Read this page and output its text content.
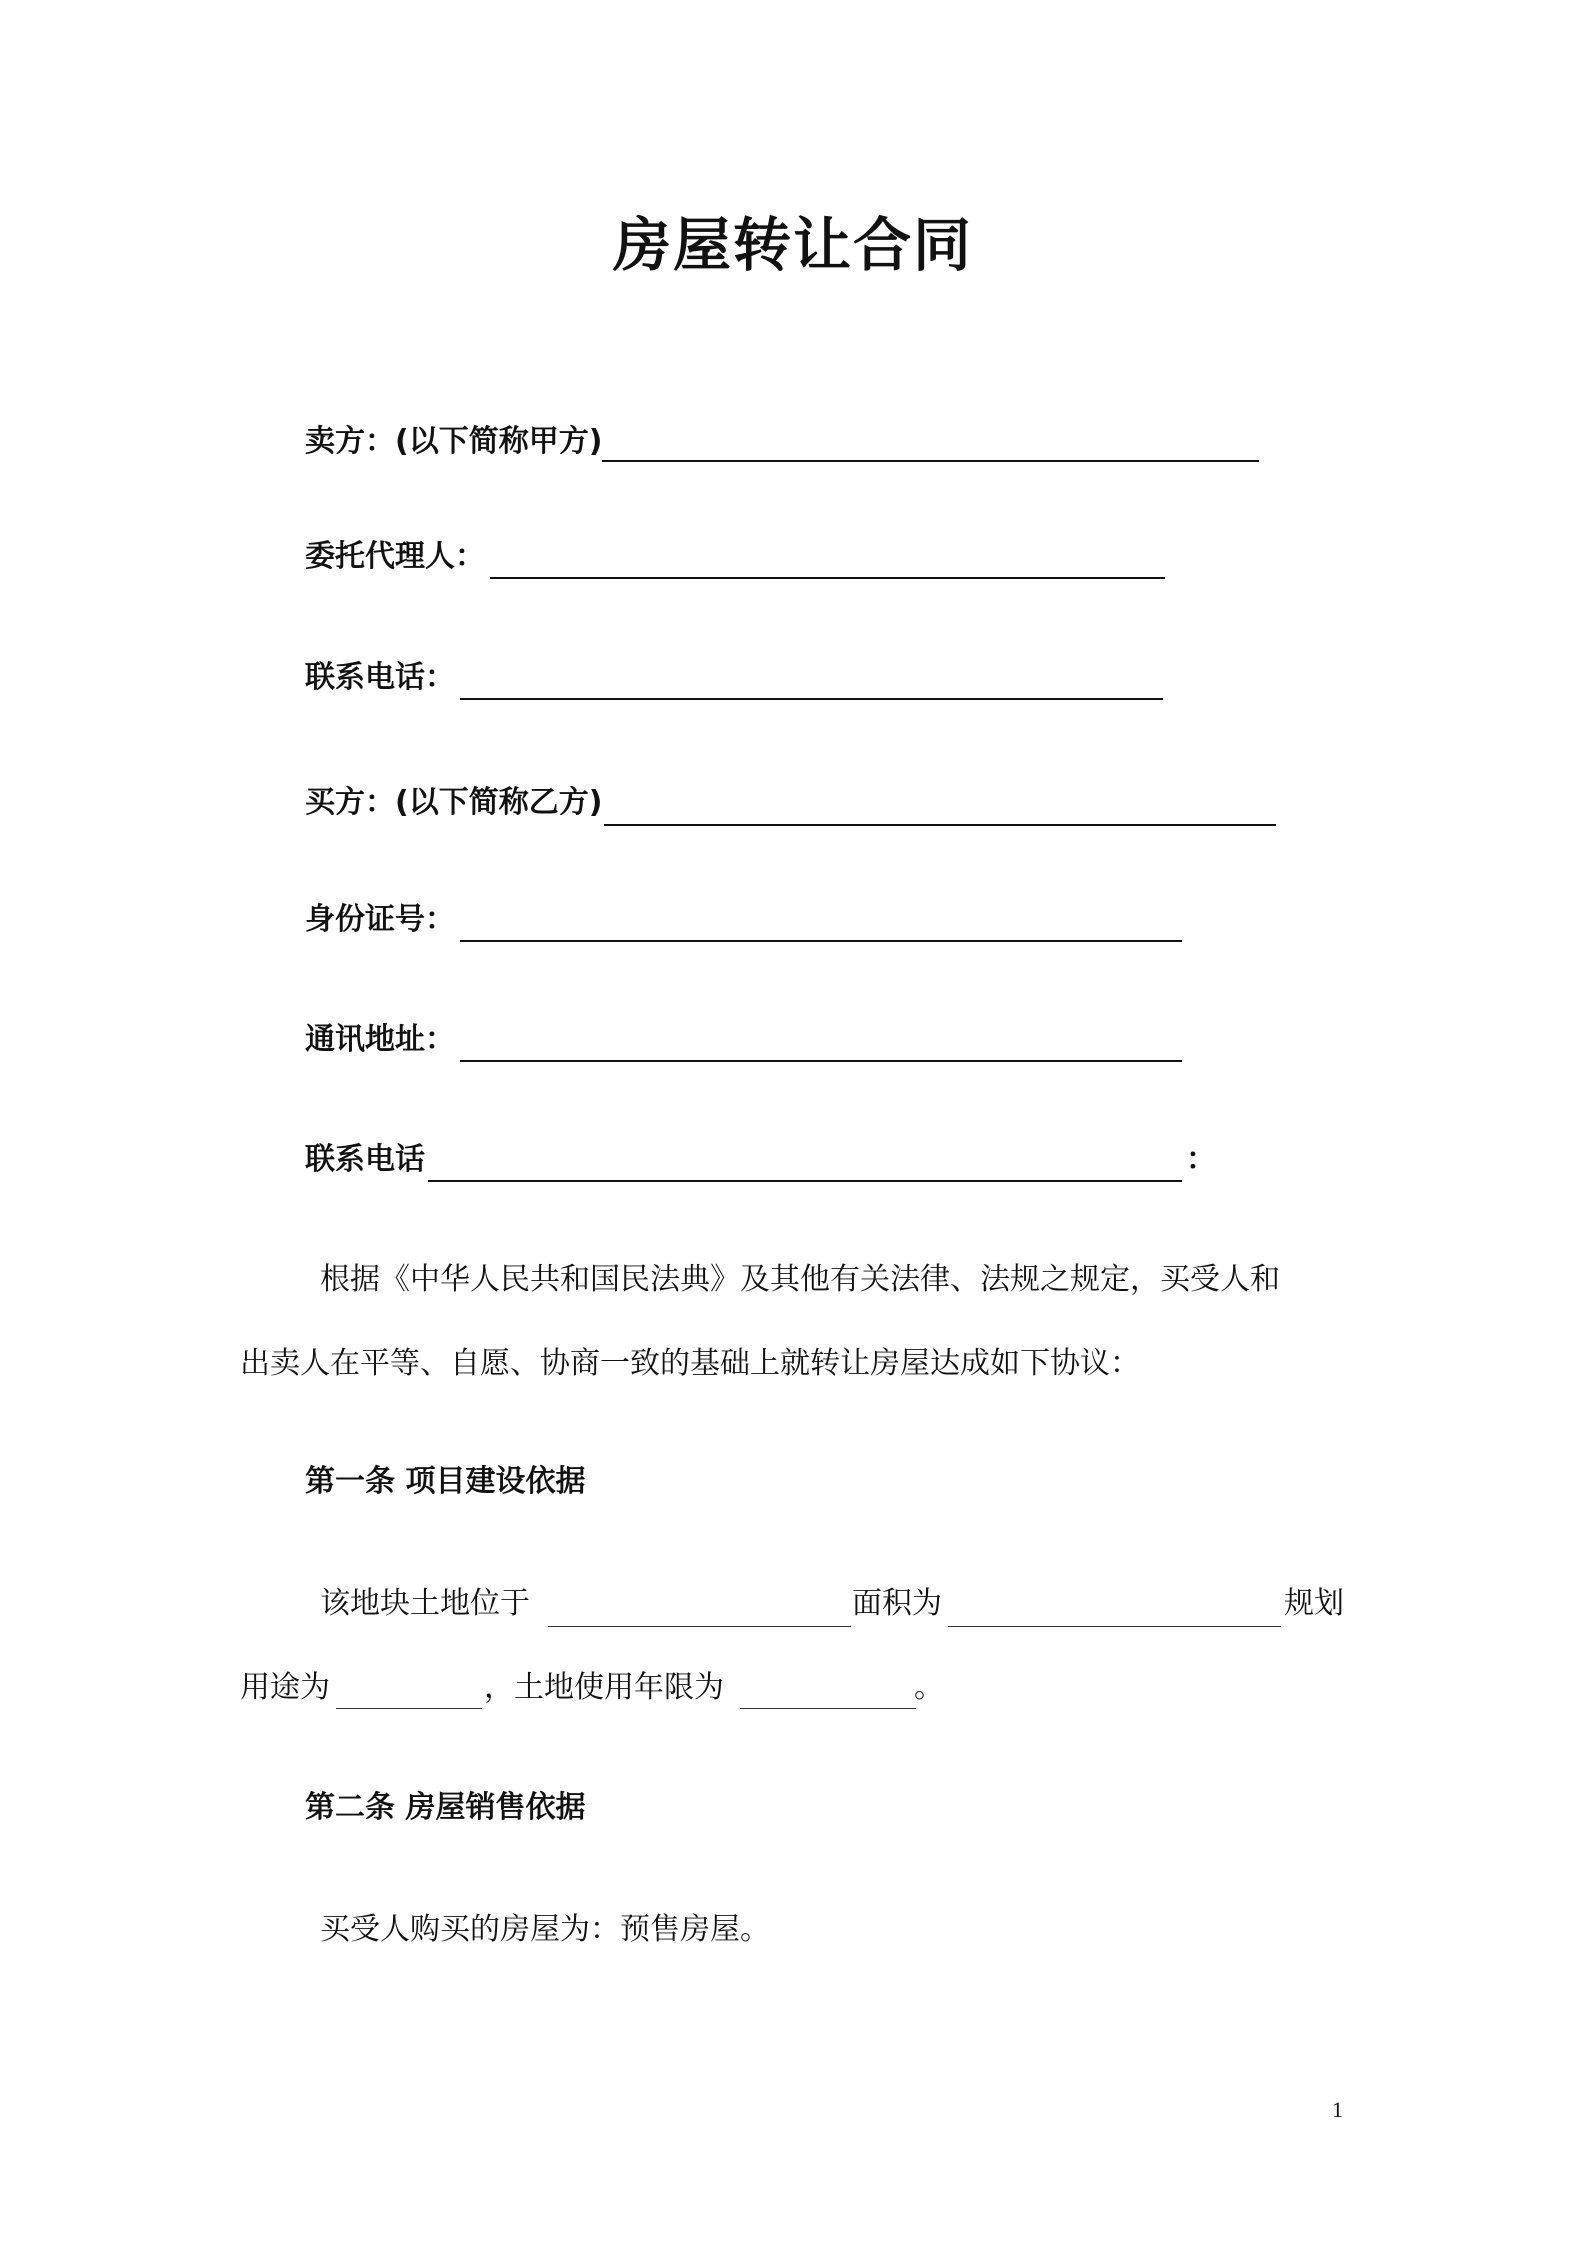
房屋转让合同
卖方：(以下简称甲方)
委托代理人：
联系电话：
买方：(以下简称乙方)
身份证号：
通讯地址：
联系电话	：
根据《中华人民共和国民法典》及其他有关法律、法规之规定，买受人和
出卖人在平等、自愿、协商一致的基础上就转让房屋达成如下协议：
第一条 项目建设依据
该地块土地位于	面积为	规划
用途为	，土地使用年限为	。
第二条 房屋销售依据
买受人购买的房屋为：预售房屋。
1
